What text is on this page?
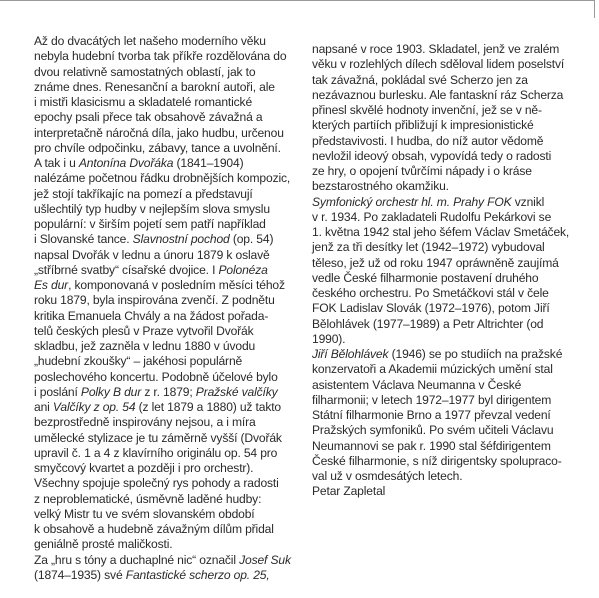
Až do dvacátých let našeho moderního věku
nebyla hudební tvorba tak příkře rozdělována do
dvou relativně samostatných oblastí, jak to
známe dnes. Renesanční a barokní autoři, ale
i mistři klasicismu a skladatelé romantické
epochy psali přece tak obsahově závažná a
interpretačně náročná díla, jako hudbu, určenou
pro chvíle odpočinku, zábavy, tance a uvolnění.
A tak i u Antonína Dvořáka (1841–1904)
nalézáme početnou řádku drobnějších kompozic,
jež stojí takříkajíc na pomezí a představují
ušlechtilý typ hudby v nejlepším slova smyslu
populární: v širším pojetí sem patří například
i Slovanské tance. Slavnostní pochod (op. 54)
napsal Dvořák v lednu a únoru 1879 k oslavě
„stříbrné svatby“ císařské dvojice. I Polonéza
Es dur, komponovaná v posledním měsíci téhož
roku 1879, byla inspirována zvenčí. Z podnětu
kritika Emanuela Chvály a na žádost pořada-
telů českých plesů v Praze vytvořil Dvořák
skladbu, jež zazněla v lednu 1880 v úvodu
„hudební zkoušky“ – jakéhosi populárně
poslechového koncertu. Podobně účelové bylo
i poslání Polky B dur z r. 1879; Pražské valčíky
ani Valčíky z op. 54 (z let 1879 a 1880) už takto
bezprostředně inspirovány nejsou, a i míra
umělecké stylizace je tu záměrně vyšší (Dvořák
upravil č. 1 a 4 z klavírního originálu op. 54 pro
smyčcový kvartet a později i pro orchestr).
Všechny spojuje společný rys pohody a radosti
z neproblematické, úsměvně laděné hudby:
velký Mistr tu ve svém slovanském období
k obsahově a hudebně závažným dílům přidal
geniálně prosté maličkosti.
Za „hru s tóny a duchaplné nic“ označil Josef Suk
(1874–1935) své Fantastické scherzo op. 25,
napsané v roce 1903. Skladatel, jenž ve zralém
věku v rozlehlých dílech sděloval lidem poselství
tak závažná, pokládal své Scherzo jen za
nezávaznou burlesku. Ale fantaskní ráz Scherza
přinesl skvělé hodnoty invenční, jež se v ně-
kterých partiích přibližují k impresionistické
představivosti. I hudba, do níž autor vědomě
nevložil ideový obsah, vypovídá tedy o radosti
ze hry, o opojení tvůrčími nápady i o kráse
bezstarostného okamžiku.
Symfonický orchestr hl. m. Prahy FOK vznikl
v r. 1934. Po zakladateli Rudolfu Pekárkovi se
1. května 1942 stal jeho šéfem Václav Smetáček,
jenž za tři desítky let (1942–1972) vybudoval
těleso, jež už od roku 1947 opráwněně zaujímá
vedle České filharmonie postavení druhého
českého orchestru. Po Smetáčkovi stál v čele
FOK Ladislav Slovák (1972–1976), potom Jiří
Bělohlávek (1977–1989) a Petr Altrichter (od
1990).
Jiří Bělohlávek (1946) se po studiích na pražské
konzervatoři a Akademii múzických umění stal
asistentem Václava Neumanna v České
filharmonii; v letech 1972–1977 byl dirigentem
Státní filharmonie Brno a 1977 převzal vedení
Pražských symfoniků. Po svém učiteli Václavu
Neumannovi se pak r. 1990 stal šéfdirigentem
České filharmonie, s níž dirigentsky spolupraco-
val už v osmdesátých letech.
Petar Zapletal
